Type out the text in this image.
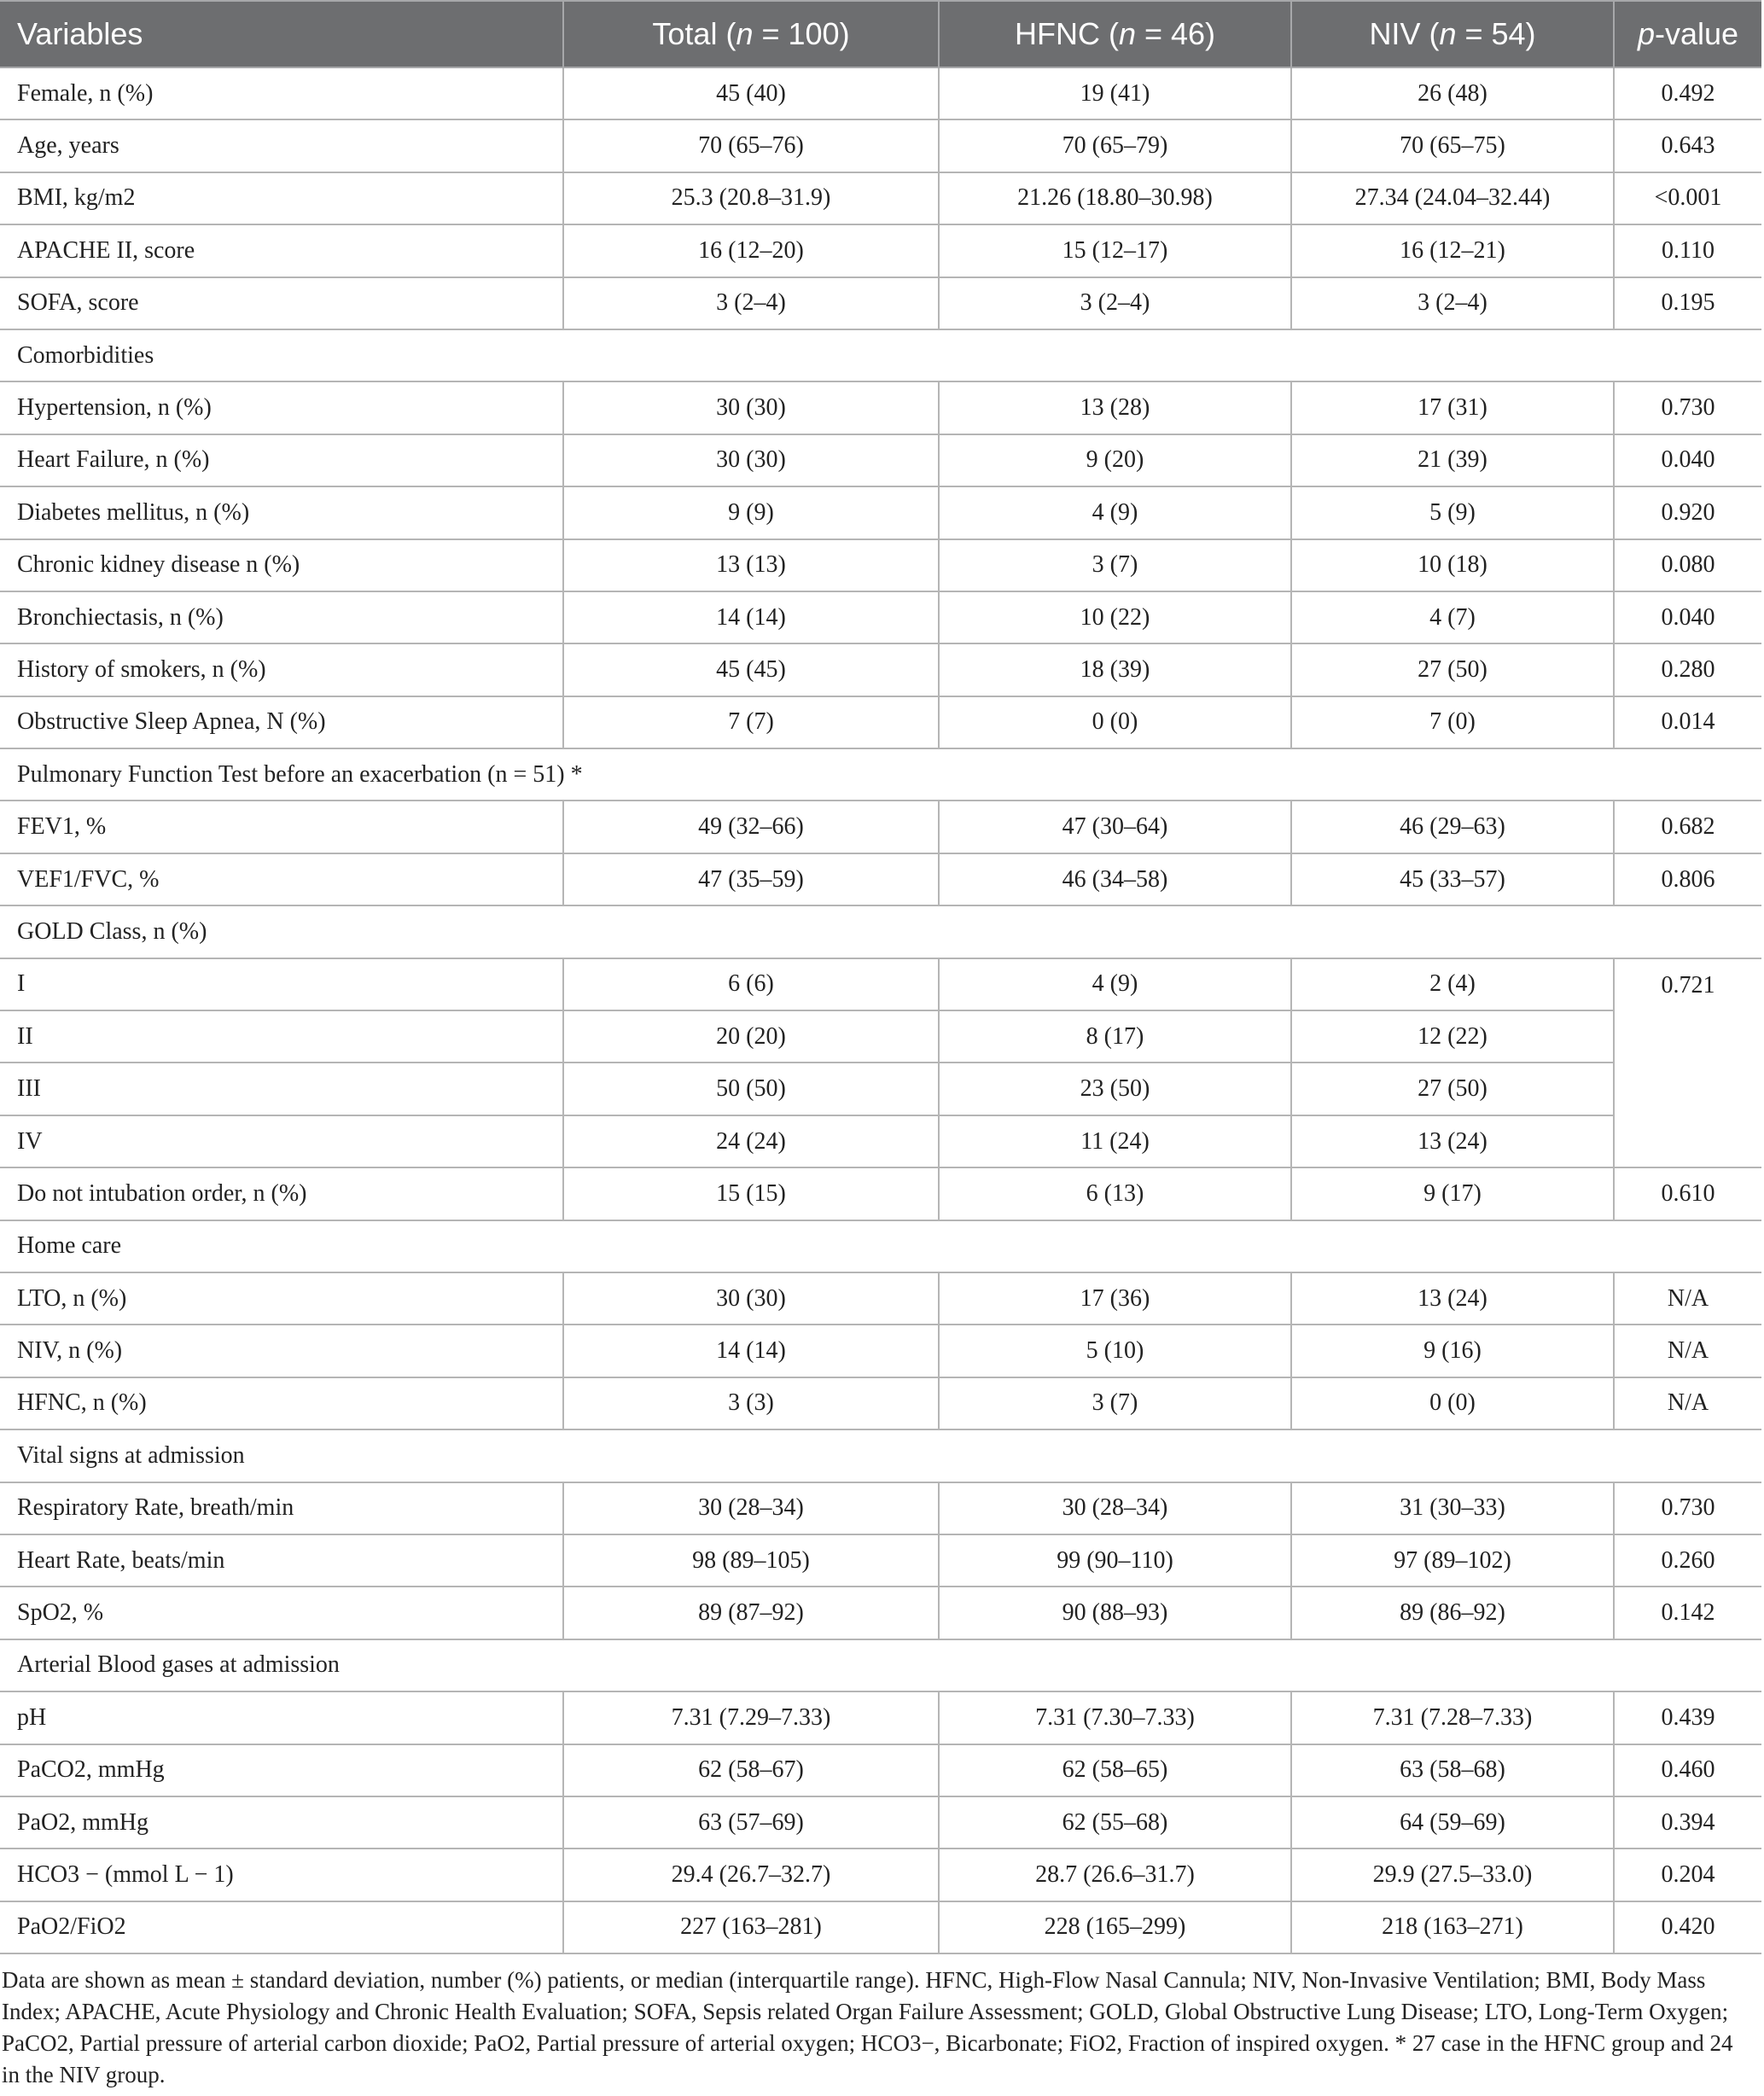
Variables	Total (n = 100)	HFNC (n = 46)	NIV (n = 54)	p-value
Female, n (%)	45 (40)	19 (41)	26 (48)	0.492
Age, years	70 (65–76)	70 (65–79)	70 (65–75)	0.643
BMI, kg/m2	25.3 (20.8–31.9)	21.26 (18.80–30.98)	27.34 (24.04–32.44)	<0.001
APACHE II, score	16 (12–20)	15 (12–17)	16 (12–21)	0.110
SOFA, score	3 (2–4)	3 (2–4)	3 (2–4)	0.195
Comorbidities				
Hypertension, n (%)	30 (30)	13 (28)	17 (31)	0.730
Heart Failure, n (%)	30 (30)	9 (20)	21 (39)	0.040
Diabetes mellitus, n (%)	9 (9)	4 (9)	5 (9)	0.920
Chronic kidney disease n (%)	13 (13)	3 (7)	10 (18)	0.080
Bronchiectasis, n (%)	14 (14)	10 (22)	4 (7)	0.040
History of smokers, n (%)	45 (45)	18 (39)	27 (50)	0.280
Obstructive Sleep Apnea, N (%)	7 (7)	0 (0)	7 (0)	0.014
Pulmonary Function Test before an exacerbation (n = 51) *				
FEV1, %	49 (32–66)	47 (30–64)	46 (29–63)	0.682
VEF1/FVC, %	47 (35–59)	46 (34–58)	45 (33–57)	0.806
GOLD Class, n (%)				
I	6 (6)	4 (9)	2 (4)	0.721
II	20 (20)	8 (17)	12 (22)	
III	50 (50)	23 (50)	27 (50)	
IV	24 (24)	11 (24)	13 (24)	
Do not intubation order, n (%)	15 (15)	6 (13)	9 (17)	0.610
Home care				
LTO, n (%)	30 (30)	17 (36)	13 (24)	N/A
NIV, n (%)	14 (14)	5 (10)	9 (16)	N/A
HFNC, n (%)	3 (3)	3 (7)	0 (0)	N/A
Vital signs at admission				
Respiratory Rate, breath/min	30 (28–34)	30 (28–34)	31 (30–33)	0.730
Heart Rate, beats/min	98 (89–105)	99 (90–110)	97 (89–102)	0.260
SpO2, %	89 (87–92)	90 (88–93)	89 (86–92)	0.142
Arterial Blood gases at admission				
pH	7.31 (7.29–7.33)	7.31 (7.30–7.33)	7.31 (7.28–7.33)	0.439
PaCO2, mmHg	62 (58–67)	62 (58–65)	63 (58–68)	0.460
PaO2, mmHg	63 (57–69)	62 (55–68)	64 (59–69)	0.394
HCO3 − (mmol L − 1)	29.4 (26.7–32.7)	28.7 (26.6–31.7)	29.9 (27.5–33.0)	0.204
PaO2/FiO2	227 (163–281)	228 (165–299)	218 (163–271)	0.420

Data are shown as mean ± standard deviation, number (%) patients, or median (interquartile range). HFNC, High-Flow Nasal Cannula; NIV, Non-Invasive Ventilation; BMI, Body Mass Index; APACHE, Acute Physiology and Chronic Health Evaluation; SOFA, Sepsis related Organ Failure Assessment; GOLD, Global Obstructive Lung Disease; LTO, Long-Term Oxygen; PaCO2, Partial pressure of arterial carbon dioxide; PaO2, Partial pressure of arterial oxygen; HCO3−, Bicarbonate; FiO2, Fraction of inspired oxygen. * 27 case in the HFNC group and 24 in the NIV group.
